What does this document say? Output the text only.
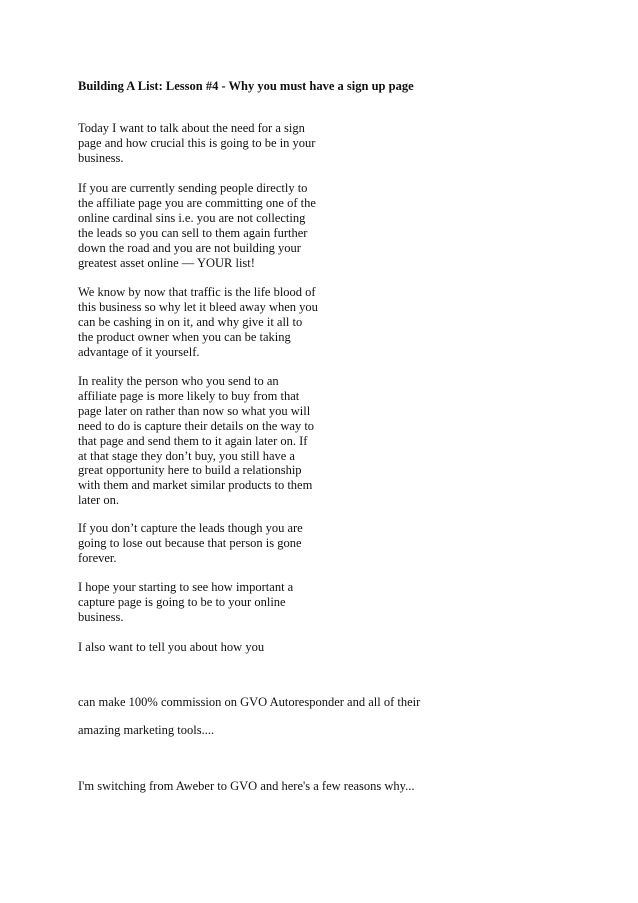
Building A List: Lesson #4 - Why you must have a sign up page
Today I want to talk about the need for a sign
page and how crucial this is going to be in your
business.
If you are currently sending people directly to
the affiliate page you are committing one of the
online cardinal sins i.e. you are not collecting
the leads so you can sell to them again further
down the road and you are not building your
greatest asset online — YOUR list!
We know by now that traffic is the life blood of
this business so why let it bleed away when you
can be cashing in on it, and why give it all to
the product owner when you can be taking
advantage of it yourself.
In reality the person who you send to an
affiliate page is more likely to buy from that
page later on rather than now so what you will
need to do is capture their details on the way to
that page and send them to it again later on. If
at that stage they don’t buy, you still have a
great opportunity here to build a relationship
with them and market similar products to them
later on.
If you don’t capture the leads though you are
going to lose out because that person is gone
forever.
I hope your starting to see how important a
capture page is going to be to your online
business.
I also want to tell you about how you
can make 100% commission on GVO Autoresponder and all of their
amazing marketing tools....
I'm switching from Aweber to GVO and here's a few reasons why...
